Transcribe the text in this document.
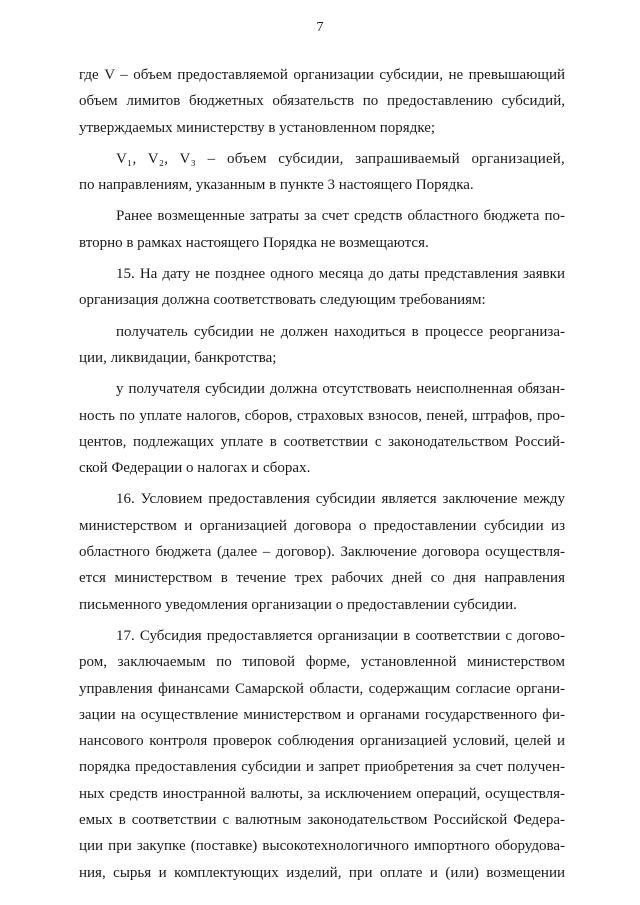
7
где V – объем предоставляемой организации субсидии, не превышающий
объем лимитов бюджетных обязательств по предоставлению субсидий,
утверждаемых министерству в установленном порядке;
V₁, V₂, V₃ – объем субсидии, запрашиваемый организацией,
по направлениям, указанным в пункте 3 настоящего Порядка.
Ранее возмещенные затраты за счет средств областного бюджета по-
вторно в рамках настоящего Порядка не возмещаются.
15. На дату не позднее одного месяца до даты представления заявки
организация должна соответствовать следующим требованиям:
получатель субсидии не должен находиться в процессе реорганиза-
ции, ликвидации, банкротства;
у получателя субсидии должна отсутствовать неисполненная обязан-
ность по уплате налогов, сборов, страховых взносов, пеней, штрафов, про-
центов, подлежащих уплате в соответствии с законодательством Россий-
ской Федерации о налогах и сборах.
16. Условием предоставления субсидии является заключение между
министерством и организацией договора о предоставлении субсидии из
областного бюджета (далее – договор). Заключение договора осуществля-
ется министерством в течение трех рабочих дней со дня направления
письменного уведомления организации о предоставлении субсидии.
17. Субсидия предоставляется организации в соответствии с догово-
ром, заключаемым по типовой форме, установленной министерством
управления финансами Самарской области, содержащим согласие органи-
зации на осуществление министерством и органами государственного фи-
нансового контроля проверок соблюдения организацией условий, целей и
порядка предоставления субсидии и запрет приобретения за счет получен-
ных средств иностранной валюты, за исключением операций, осуществля-
емых в соответствии с валютным законодательством Российской Федера-
ции при закупке (поставке) высокотехнологичного импортного оборудова-
ния, сырья и комплектующих изделий, при оплате и (или) возмещении
